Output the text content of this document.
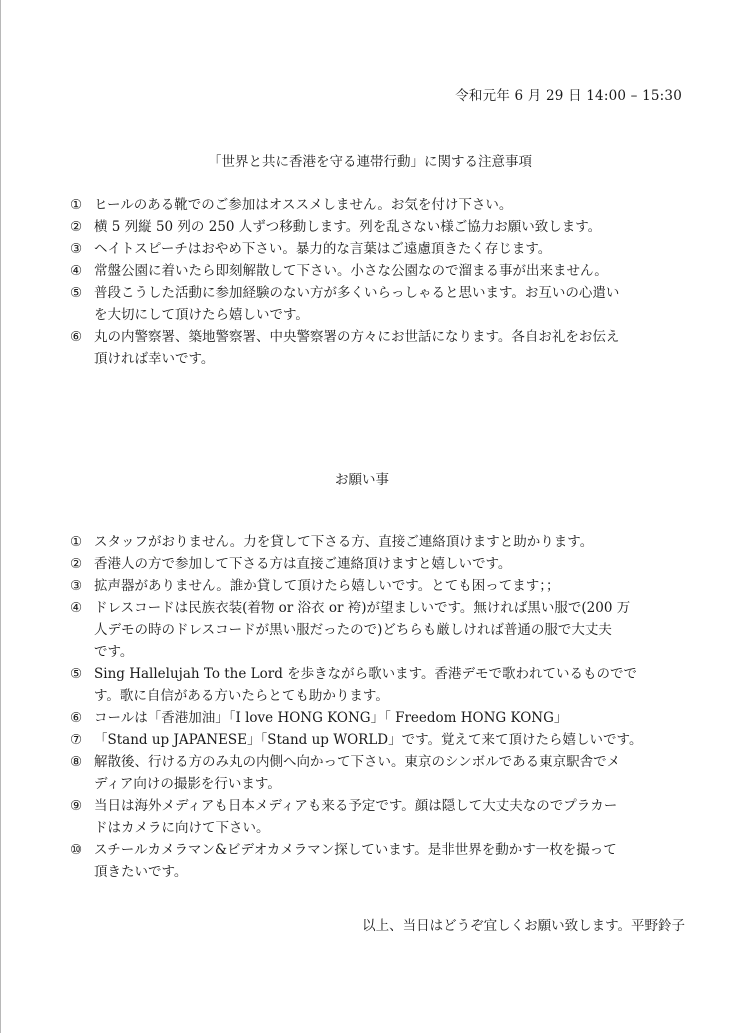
令和元年 6 月 29 日 14:00 – 15:30
「世界と共に香港を守る連帯行動」に関する注意事項
① ヒールのある靴でのご参加はオススメしません。お気を付け下さい。
② 横 5 列縦 50 列の 250 人ずつ移動します。列を乱さない様ご協力お願い致します。
③ ヘイトスピーチはおやめ下さい。暴力的な言葉はご遠慮頂きたく存じます。
④ 常盤公園に着いたら即刻解散して下さい。小さな公園なので溜まる事が出来ません。
⑤ 普段こうした活動に参加経験のない方が多くいらっしゃると思います。お互いの心遣い
を大切にして頂けたら嬉しいです。
⑥ 丸の内警察署、築地警察署、中央警察署の方々にお世話になります。各自お礼をお伝え
頂ければ幸いです。
お願い事
① スタッフがおりません。力を貸して下さる方、直接ご連絡頂けますと助かります。
② 香港人の方で参加して下さる方は直接ご連絡頂けますと嬉しいです。
③ 拡声器がありません。誰か貸して頂けたら嬉しいです。とても困ってます；；
④ ドレスコードは民族衣装(着物 or 浴衣 or 袴)が望ましいです。無ければ黒い服で(200 万
人デモの時のドレスコードが黒い服だったので)どちらも厳しければ普通の服で大丈夫
です。
⑤ Sing Hallelujah To the Lord を歩きながら歌います。香港デモで歌われているものでで
す。歌に自信がある方いたらとても助かります。
⑥ コールは「香港加油」「I love HONG KONG」「 Freedom HONG KONG」
⑦ 「Stand up JAPANESE」「Stand up WORLD」です。覚えて来て頂けたら嬉しいです。
⑧ 解散後、行ける方のみ丸の内側へ向かって下さい。東京のシンボルである東京駅舎でメ
ディア向けの撮影を行います。
⑨ 当日は海外メディアも日本メディアも来る予定です。顔は隠して大丈夫なのでプラカー
ドはカメラに向けて下さい。
⑩ スチールカメラマン&ビデオカメラマン探しています。是非世界を動かす一枚を撮って
頂きたいです。
以上、当日はどうぞ宜しくお願い致します。平野鈴子
